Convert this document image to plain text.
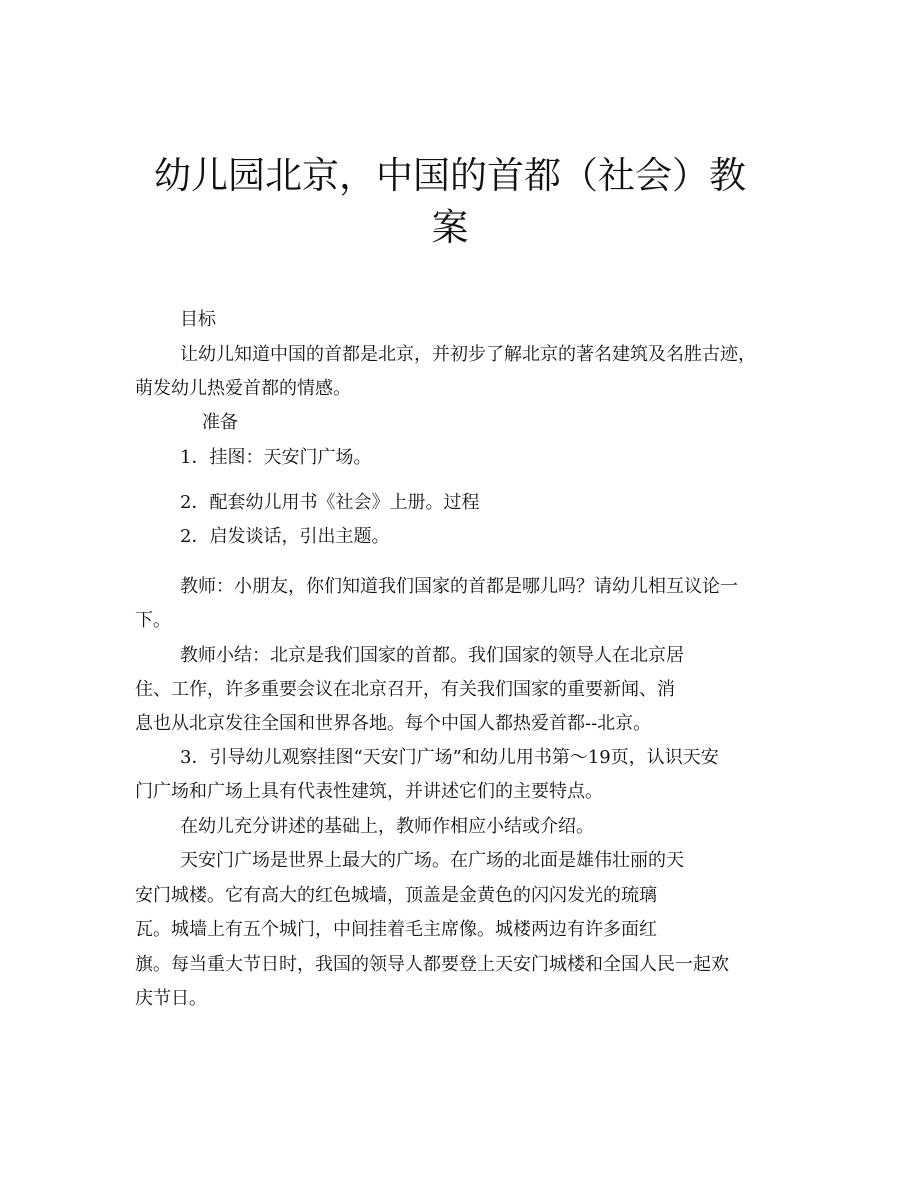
幼儿园北京，中国的首都（社会）教
案

目标

让幼儿知道中国的首都是北京，并初步了解北京的著名建筑及名胜古迹，

萌发幼儿热爱首都的情感。

准备

1．挂图：天安门广场。

2．配套幼儿用书《社会》上册。过程

2．启发谈话，引出主题。

教师：小朋友，你们知道我们国家的首都是哪儿吗？请幼儿相互议论一

下。

教师小结：北京是我们国家的首都。我们国家的领导人在北京居

住、工作，许多重要会议在北京召开，有关我们国家的重要新闻、消

息也从北京发往全国和世界各地。每个中国人都热爱首都--北京。

3．引导幼儿观察挂图“天安门广场”和幼儿用书第～19页，认识天安

门广场和广场上具有代表性建筑，并讲述它们的主要特点。

在幼儿充分讲述的基础上，教师作相应小结或介绍。

天安门广场是世界上最大的广场。在广场的北面是雄伟壮丽的天

安门城楼。它有高大的红色城墙，顶盖是金黄色的闪闪发光的琉璃

瓦。城墙上有五个城门，中间挂着毛主席像。城楼两边有许多面红

旗。每当重大节日时，我国的领导人都要登上天安门城楼和全国人民一起欢

庆节日。
